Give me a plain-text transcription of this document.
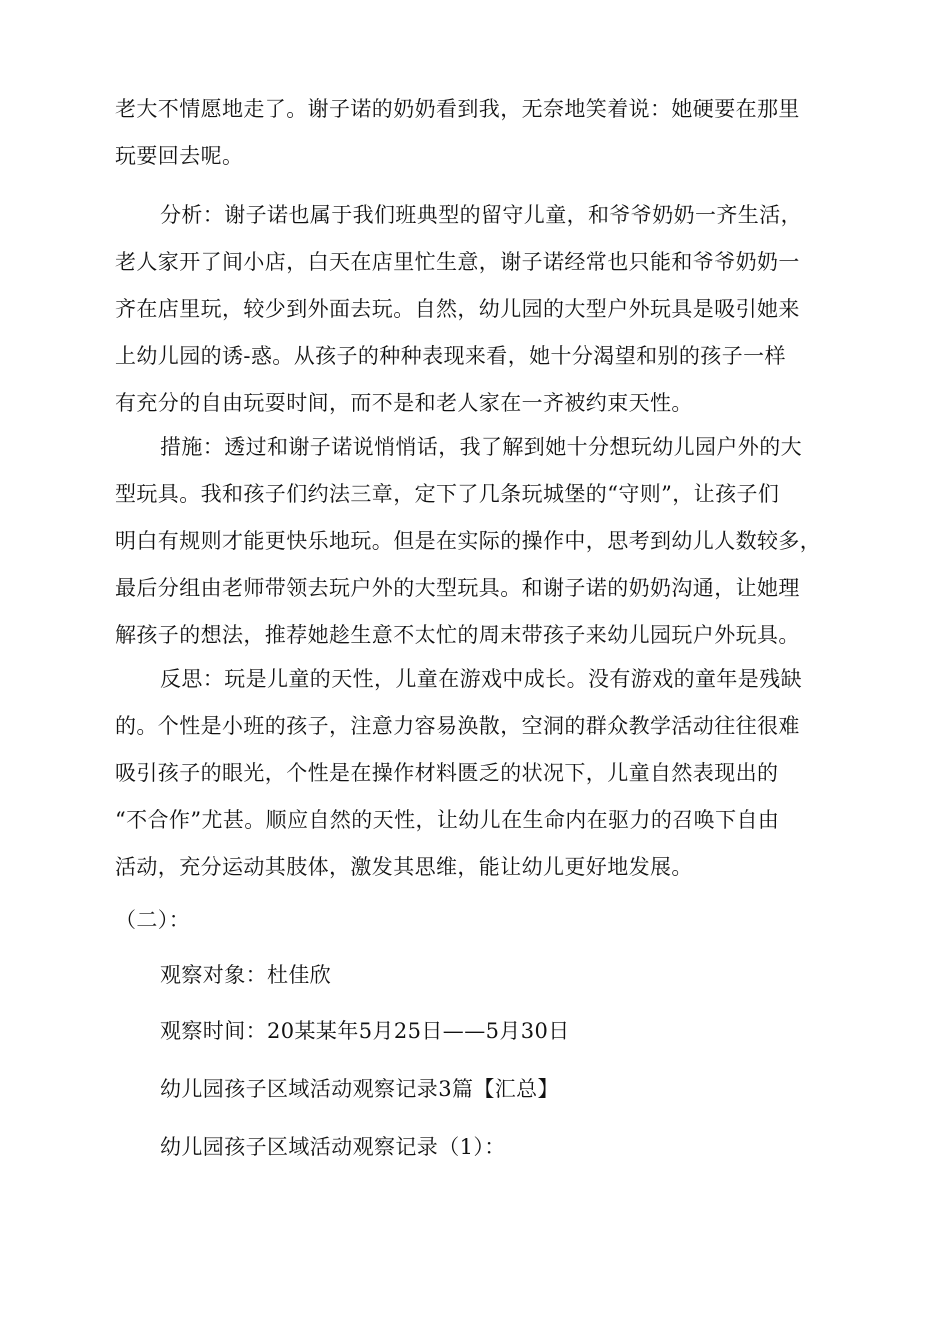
老大不情愿地走了。谢子诺的奶奶看到我，无奈地笑着说：她硬要在那里
玩要回去呢。
分析：谢子诺也属于我们班典型的留守儿童，和爷爷奶奶一齐生活，
老人家开了间小店，白天在店里忙生意，谢子诺经常也只能和爷爷奶奶一
齐在店里玩，较少到外面去玩。自然，幼儿园的大型户外玩具是吸引她来
上幼儿园的诱-惑。从孩子的种种表现来看，她十分渴望和别的孩子一样
有充分的自由玩耍时间，而不是和老人家在一齐被约束天性。
措施：透过和谢子诺说悄悄话，我了解到她十分想玩幼儿园户外的大
型玩具。我和孩子们约法三章，定下了几条玩城堡的“守则”，让孩子们
明白有规则才能更快乐地玩。但是在实际的操作中，思考到幼儿人数较多，
最后分组由老师带领去玩户外的大型玩具。和谢子诺的奶奶沟通，让她理
解孩子的想法，推荐她趁生意不太忙的周末带孩子来幼儿园玩户外玩具。
反思：玩是儿童的天性，儿童在游戏中成长。没有游戏的童年是残缺
的。个性是小班的孩子，注意力容易涣散，空洞的群众教学活动往往很难
吸引孩子的眼光，个性是在操作材料匮乏的状况下，儿童自然表现出的
“不合作”尤甚。顺应自然的天性，让幼儿在生命内在驱力的召唤下自由
活动，充分运动其肢体，激发其思维，能让幼儿更好地发展。
（二）：
观察对象：杜佳欣
观察时间：20某某年5月25日——5月30日
幼儿园孩子区域活动观察记录3篇【汇总】
幼儿园孩子区域活动观察记录（1）：
